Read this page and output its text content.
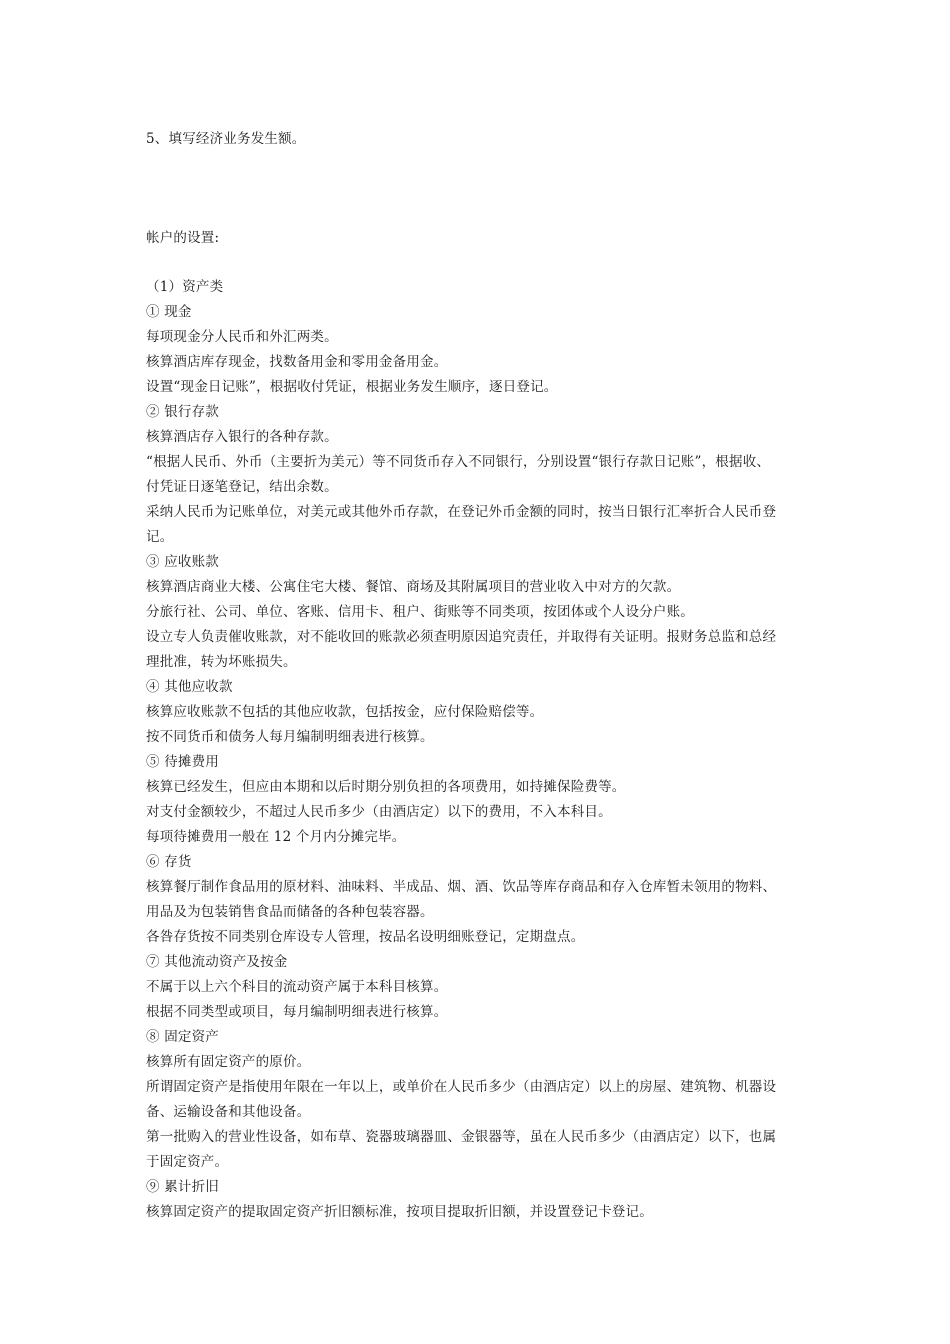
5、填写经济业务发生额。
帐户的设置:
（1）资产类
① 现金
每项现金分人民币和外汇两类。
核算酒店库存现金，找数备用金和零用金备用金。
设置“现金日记账”，根据收付凭证，根据业务发生顺序，逐日登记。
② 银行存款
核算酒店存入银行的各种存款。
“根据人民币、外币（主要折为美元）等不同货币存入不同银行，分别设置“银行存款日记账”，根据收、
付凭证日逐笔登记，结出余数。
采纳人民币为记账单位，对美元或其他外币存款，在登记外币金额的同时，按当日银行汇率折合人民币登
记。
③ 应收账款
核算酒店商业大楼、公寓住宅大楼、餐馆、商场及其附属项目的营业收入中对方的欠款。
分旅行社、公司、单位、客账、信用卡、租户、街账等不同类项，按团体或个人设分户账。
设立专人负责催收账款，对不能收回的账款必须查明原因追究责任，并取得有关证明。报财务总监和总经
理批准，转为坏账损失。
④ 其他应收款
核算应收账款不包括的其他应收款，包括按金，应付保险赔偿等。
按不同货币和债务人每月编制明细表进行核算。
⑤ 待摊费用
核算已经发生，但应由本期和以后时期分别负担的各项费用，如持摊保险费等。
对支付金额较少，不超过人民币多少（由酒店定）以下的费用，不入本科目。
每项待摊费用一般在 12 个月内分摊完毕。
⑥ 存货
核算餐厅制作食品用的原材料、油味料、半成品、烟、酒、饮品等库存商品和存入仓库暂未领用的物料、
用品及为包装销售食品而储备的各种包装容器。
各咎存货按不同类别仓库设专人管理，按品名设明细账登记，定期盘点。
⑦ 其他流动资产及按金
不属于以上六个科目的流动资产属于本科目核算。
根据不同类型或项目，每月编制明细表进行核算。
⑧ 固定资产
核算所有固定资产的原价。
所谓固定资产是指使用年限在一年以上，或单价在人民币多少（由酒店定）以上的房屋、建筑物、机器设
备、运输设备和其他设备。
第一批购入的营业性设备，如布草、瓷器玻璃器皿、金银器等，虽在人民币多少（由酒店定）以下，也属
于固定资产。
⑨ 累计折旧
核算固定资产的提取固定资产折旧额标准，按项目提取折旧额，并设置登记卡登记。
